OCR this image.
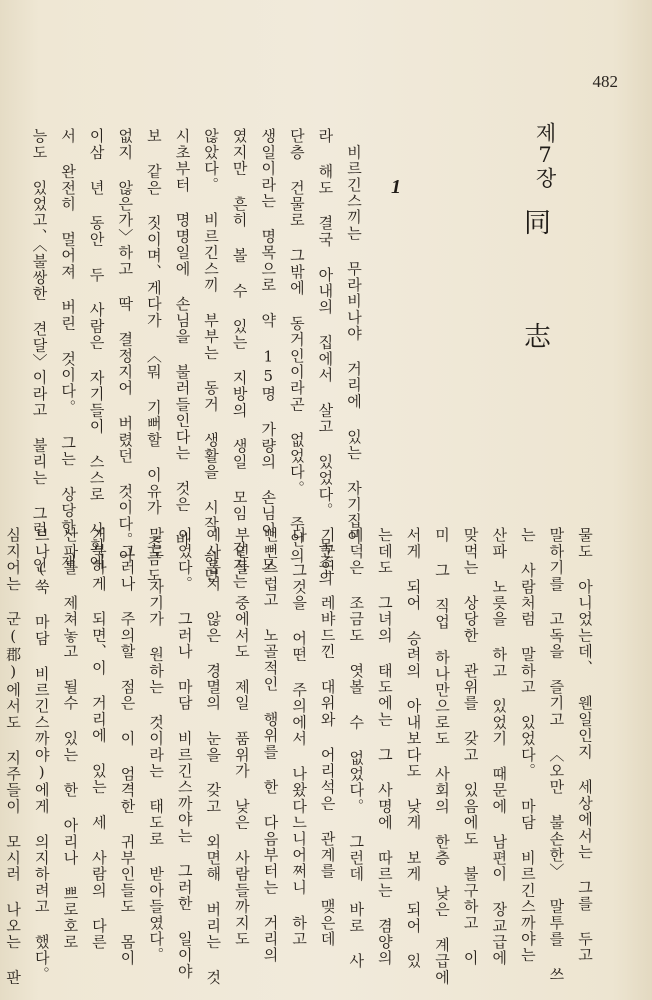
482
제7장
同 志
1
　비르긴스끼는 무라비나야 거리에 있는 자기집이
라 해도 결국 아내의 집에서 살고 있었다。 목조의
단층 건물로 그밖에 동거인이라곤 없었다。 주인의
생일이라는 명목으로 약 15명 가량의 손님이 모
였지만 흔히 볼 수 있는 지방의 생일 모임 같지는
않았다。 비르긴스끼 부부는 동거 생활을 시작 하던
시초부터 명명일에 손님을 불러들인다는 것은 바
보 같은 짓이며、게다가 〈뭐 기뻐할 이유가 조금도
없지 않은가〉하고 딱 결정지어 버렸던 것이다。이
이삼 년 동안 두 사람은 자기들이 스스로 사회에
서 완전히 멀어져 버린 것이다。 그는 상당한 재
능도 있었고、〈불쌍한 견달〉이라고 불리는 그런 인
물도 아니었는데、 웬일인지 세상에서는 그를 두고
말하기를 고독을 즐기고 〈오만 불손한〉 말투를 쓰
는 사람처럼 말하고 있었다。 마담 비르긴스까야는
산파 노릇을 하고 있었기 때문에 남편이 장교급에
맞먹는 상당한 관위를 갖고 있음에도 불구하고 이
미 그 직업 하나만으로도 사회의 한층 낮은 계급에
서게 되어 승려의 아내보다도 낮게 보게 되어 있
는데도 그녀의 태도에는 그 사명에 따르는 겸양의
미덕은 조금도 엿볼 수 없었다。 그런데 바로 사
기꾼인 레뱌드낀 대위와 어리석은 관계를 맺은데
다 그것을 어떤 주의에서 나왔다느니어쩌니 하고
뻔뻔스럽고 노골적인 행위를 한 다음부터는 거리의
부인들 중에서도 제일 품위가 낮은 사람들까지도
예사롭지 않은 경멸의 눈을 갖고 외면해 버리는 것
이었다。 그러나 마담 비르긴스까야는 그러한 일이야
말로 자기가 원하는 것이라는 태도로 받아들였다。
　그러나 주의할 점은 이 엄격한 귀부인들도 몸이
거북하게 되면、이 거리에 있는 세 사람의 다른
산파를 제쳐놓고 될수 있는 한 아리나 쁘로호로
브나(쑥 마담 비르긴스까야)에게 의지하려고 했다。
심지어는 군(郡)에서도 지주들이 모시러 나오는 판
